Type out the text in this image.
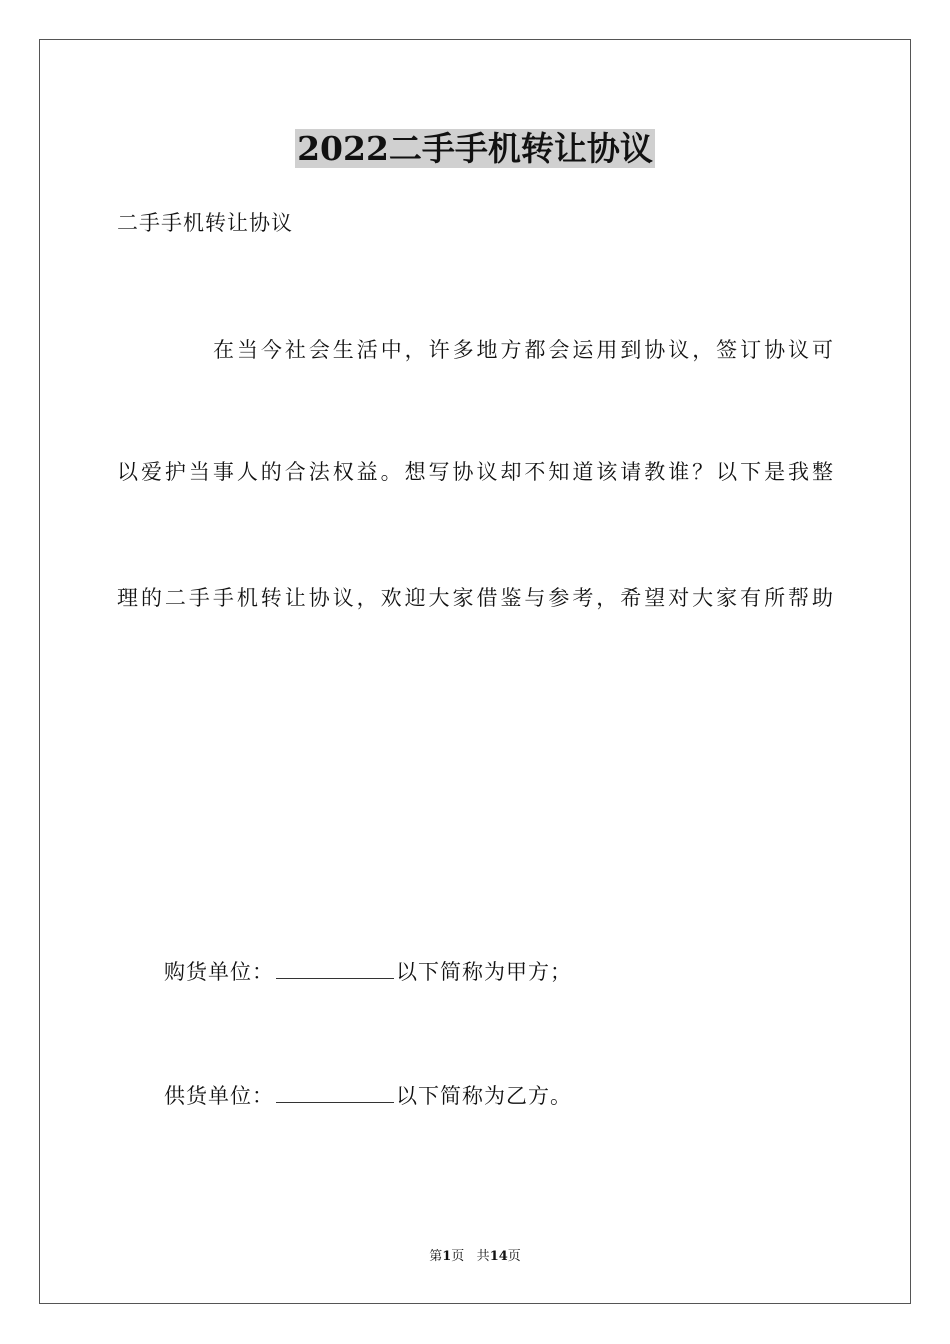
2022二手手机转让协议
二手手机转让协议
在当今社会生活中，许多地方都会运用到协议，签订协议可
以爱护当事人的合法权益。想写协议却不知道该请教谁？以下是我整
理的二手手机转让协议，欢迎大家借鉴与参考，希望对大家有所帮助
购货单位：	以下简称为甲方；
供货单位：	以下简称为乙方。
第1页 共14页
